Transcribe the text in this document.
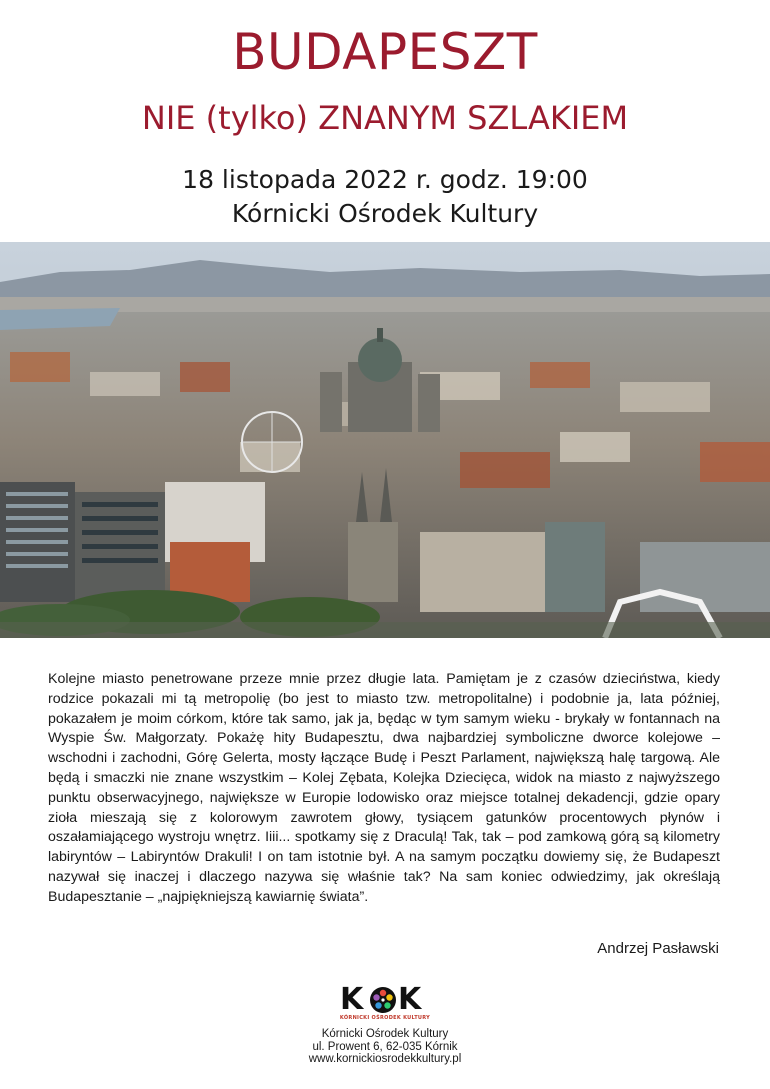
BUDAPESZT
NIE (tylko) ZNANYM SZLAKIEM
18 listopada 2022 r. godz. 19:00
Kórnicki Ośrodek Kultury
Kolejne miasto penetrowane przeze mnie przez długie lata. Pamiętam je z czasów dzieciństwa, kiedy rodzice pokazali mi tą metropolię (bo jest to miasto tzw. metropolitalne) i podobnie ja, lata później, pokazałem je moim córkom, które tak samo, jak ja, będąc w tym samym wieku - brykały w fontannach na Wyspie Św. Małgorzaty. Pokażę hity Budapesztu, dwa najbardziej symboliczne dworce kolejowe – wschodni i zachodni, Górę Gelerta, mosty łączące Budę i Peszt Parlament, największą halę targową. Ale będą i smaczki nie znane wszystkim – Kolej Zębata, Kolejka Dziecięca, widok na miasto z najwyższego punktu obserwacyjnego, największe w Europie lodowisko oraz miejsce totalnej dekadencji, gdzie opary zioła mieszają się z kolorowym zawrotem głowy, tysiącem gatunków procentowych płynów i oszałamiającego wystroju wnętrz. Iiii... spotkamy się z Draculą! Tak, tak – pod zamkową górą są kilometry labiryntów – Labiryntów Drakuli! I on tam istotnie był. A na samym początku dowiemy się, że Budapeszt nazywał się inaczej i dlaczego nazywa się właśnie tak? Na sam koniec odwiedzimy, jak określają Budapesztanie – „najpiękniejszą kawiarnię świata”.
Andrzej Pasławski
K K
KÓRNICKI OŚRODEK KULTURY
Kórnicki Ośrodek Kultury
ul. Prowent 6, 62-035 Kórnik
www.kornickiosrodekkultury.pl
